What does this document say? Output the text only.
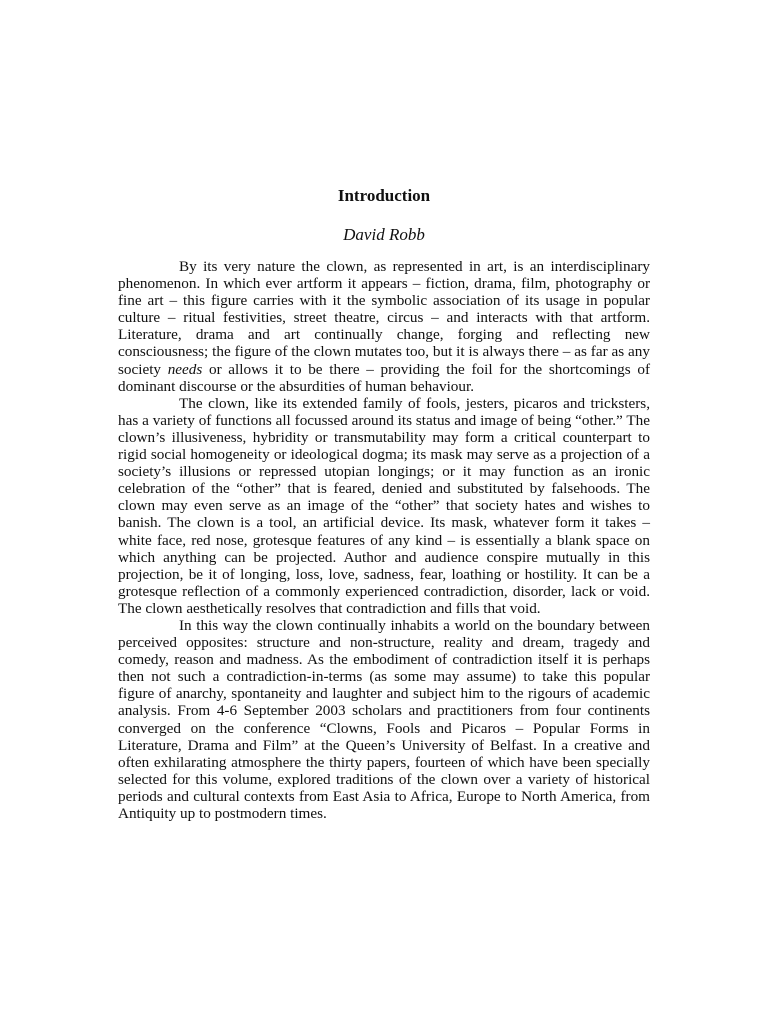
Introduction
David Robb

By its very nature the clown, as represented in art, is an interdisciplinary phenomenon. In which ever artform it appears – fiction, drama, film, photography or fine art – this figure carries with it the symbolic association of its usage in popular culture – ritual festivities, street theatre, circus – and interacts with that artform. Literature, drama and art continually change, forging and reflecting new consciousness; the figure of the clown mutates too, but it is always there – as far as any society needs or allows it to be there – providing the foil for the shortcomings of dominant discourse or the absurdities of human behaviour.

The clown, like its extended family of fools, jesters, picaros and tricksters, has a variety of functions all focussed around its status and image of being “other.” The clown’s illusiveness, hybridity or transmutability may form a critical counterpart to rigid social homogeneity or ideological dogma; its mask may serve as a projection of a society’s illusions or repressed utopian longings; or it may function as an ironic celebration of the “other” that is feared, denied and substituted by falsehoods. The clown may even serve as an image of the “other” that society hates and wishes to banish. The clown is a tool, an artificial device. Its mask, whatever form it takes – white face, red nose, grotesque features of any kind – is essentially a blank space on which anything can be projected. Author and audience conspire mutually in this projection, be it of longing, loss, love, sadness, fear, loathing or hostility. It can be a grotesque reflection of a commonly experienced contradiction, disorder, lack or void. The clown aesthetically resolves that contradiction and fills that void.

In this way the clown continually inhabits a world on the boundary between perceived opposites: structure and non-structure, reality and dream, tragedy and comedy, reason and madness. As the embodiment of contradiction itself it is perhaps then not such a contradiction-in-terms (as some may assume) to take this popular figure of anarchy, spontaneity and laughter and subject him to the rigours of academic analysis. From 4-6 September 2003 scholars and practitioners from four continents converged on the conference “Clowns, Fools and Picaros – Popular Forms in Literature, Drama and Film” at the Queen’s University of Belfast. In a creative and often exhilarating atmosphere the thirty papers, fourteen of which have been specially selected for this volume, explored traditions of the clown over a variety of historical periods and cultural contexts from East Asia to Africa, Europe to North America, from Antiquity up to postmodern times.
